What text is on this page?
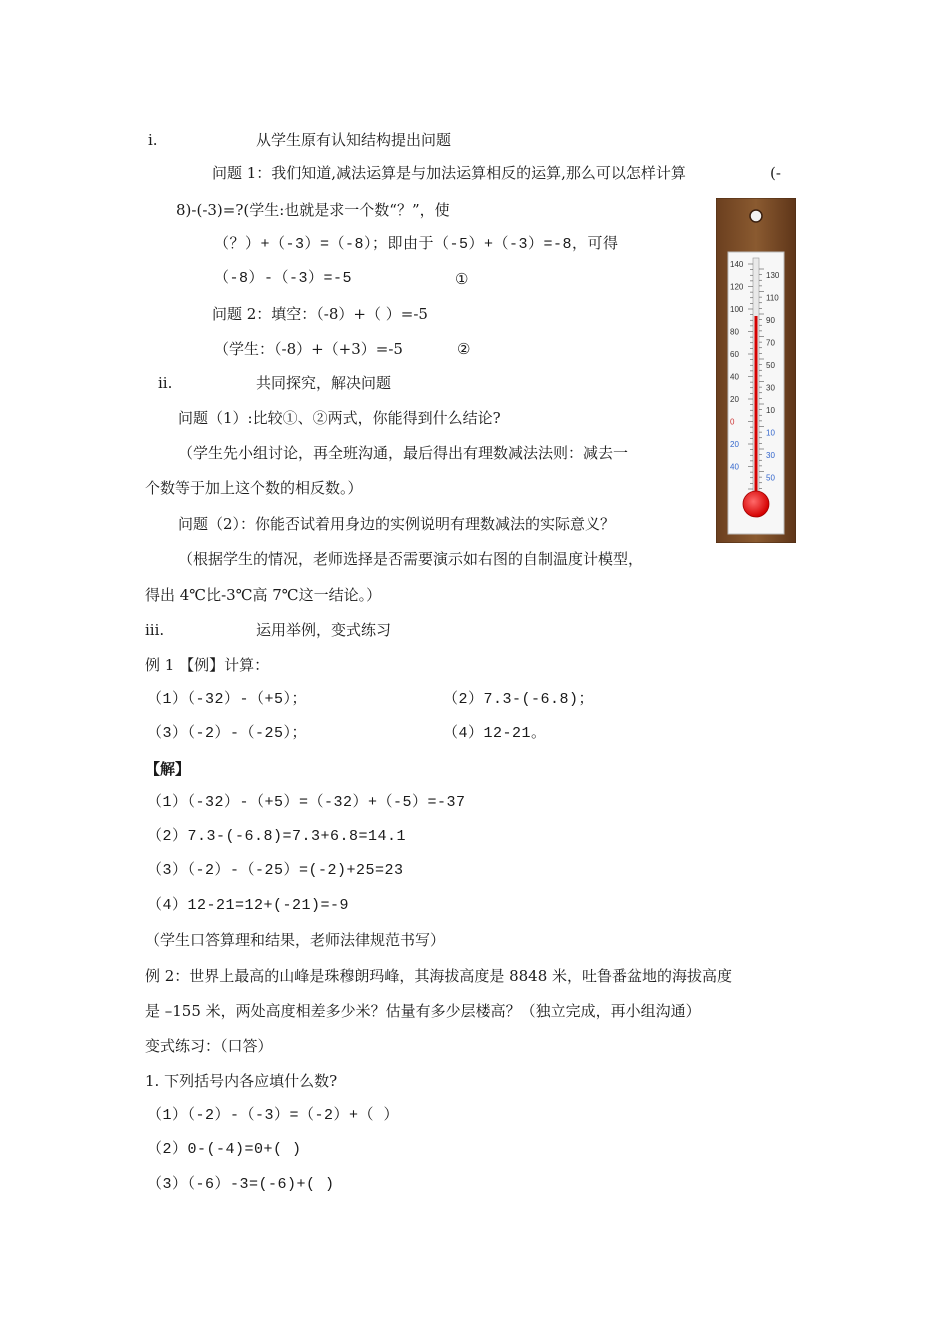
i.	从学生原有认知结构提出问题
问题 1：我们知道,减法运算是与加法运算相反的运算,那么可以怎样计算	(-
8)-(-3)=?(学生:也就是求一个数“？”，使
（？）+（-3）=（-8）；即由于（-5）+（-3）=-8，可得
（-8）-（-3）=-5	①
问题 2：填空：（-8）+（ ）=-5
（学生：（-8）+（+3）=-5	②
ii.	共同探究，解决问题
问题（1）:比较①、②两式，你能得到什么结论?
（学生先小组讨论，再全班沟通，最后得出有理数减法法则：减去一
个数等于加上这个数的相反数。）
问题（2）：你能否试着用身边的实例说明有理数减法的实际意义？
（根据学生的情况，老师选择是否需要演示如右图的自制温度计模型，
得出 4℃比-3℃高 7℃这一结论。）
iii.	运用举例，变式练习
例 1 【例】计算：
（1）（-32）-（+5）；	（2）7.3-(-6.8)；
（3）（-2）-（-25）；	（4）12-21。
【解】
（1）（-32）-（+5）=（-32）+（-5）=-37
（2）7.3-(-6.8)=7.3+6.8=14.1
（3）（-2）-（-25）=(-2)+25=23
（4）12-21=12+(-21)=-9
（学生口答算理和结果，老师法律规范书写）
例 2：世界上最高的山峰是珠穆朗玛峰，其海拔高度是 8848 米，吐鲁番盆地的海拔高度
是 –155 米，两处高度相差多少米？估量有多少层楼高？（独立完成，再小组沟通）
变式练习：（口答）
1. 下列括号内各应填什么数?
（1）（-2）-（-3）=（-2）+（ ）
（2）0-(-4)=0+( )
（3）（-6）-3=(-6)+( )
140
120
100
80
60
40
20
0
20
40
130
110
90
70
50
30
10
10
30
50
